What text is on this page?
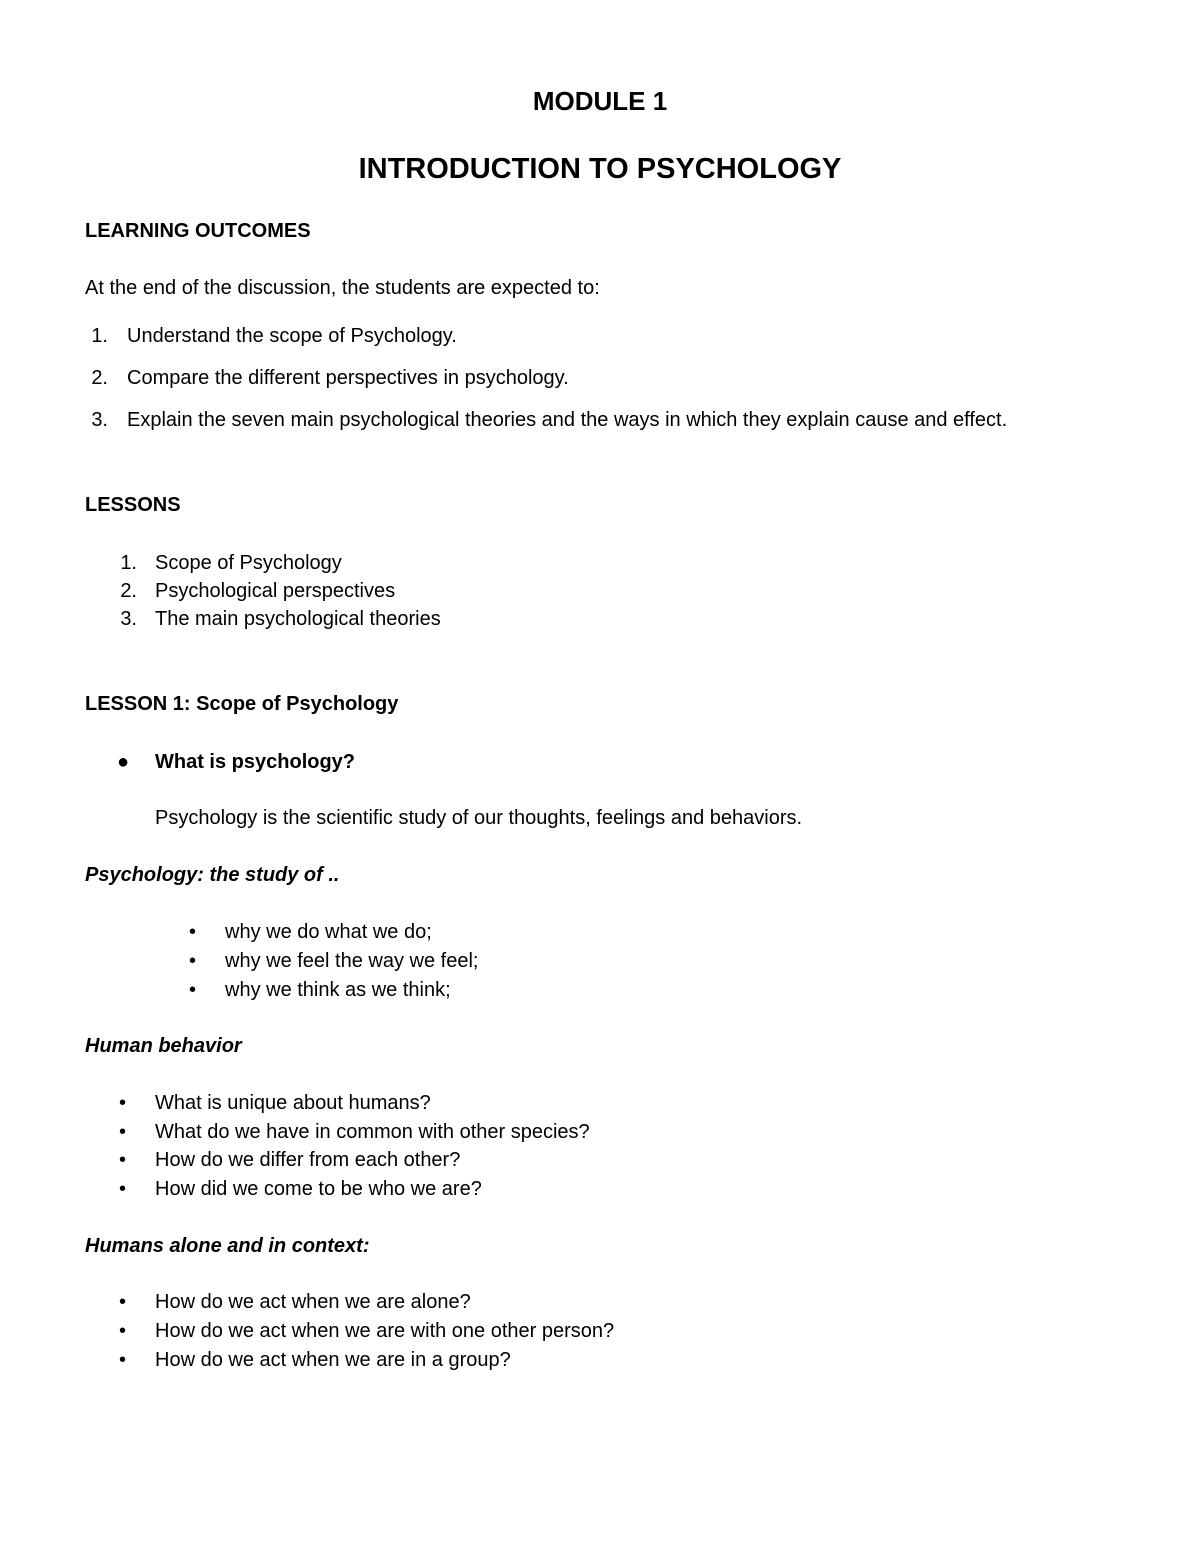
MODULE 1
INTRODUCTION TO PSYCHOLOGY
LEARNING OUTCOMES
At the end of the discussion, the students are expected to:
1. Understand the scope of Psychology.
2. Compare the different perspectives in psychology.
3. Explain the seven main psychological theories and the ways in which they explain cause and effect.
LESSONS
1. Scope of Psychology
2. Psychological perspectives
3. The main psychological theories
LESSON 1: Scope of Psychology
● What is psychology?
Psychology is the scientific study of our thoughts, feelings and behaviors.
Psychology: the study of ..
• why we do what we do;
• why we feel the way we feel;
• why we think as we think;
Human behavior
• What is unique about humans?
• What do we have in common with other species?
• How do we differ from each other?
• How did we come to be who we are?
Humans alone and in context:
• How do we act when we are alone?
• How do we act when we are with one other person?
• How do we act when we are in a group?
